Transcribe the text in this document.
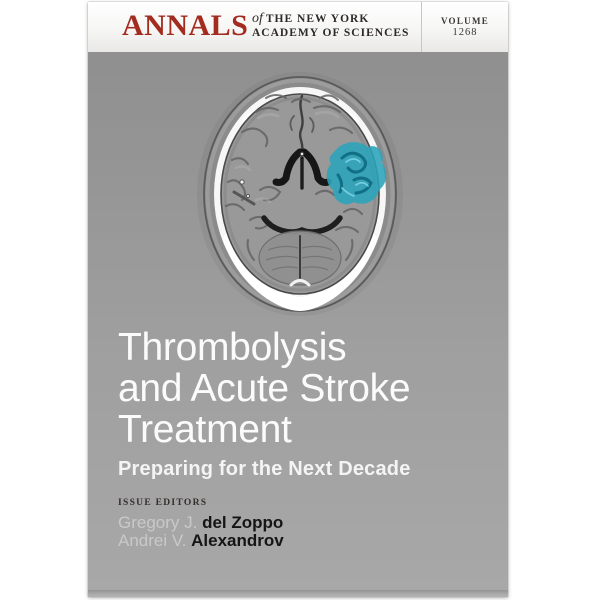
ANNALS of THE NEW YORK
ACADEMY OF SCIENCES
VOLUME
1268
Thrombolysis
and Acute Stroke
Treatment
Preparing for the Next Decade
ISSUE EDITORS
Gregory J. del Zoppo
Andrei V. Alexandrov
